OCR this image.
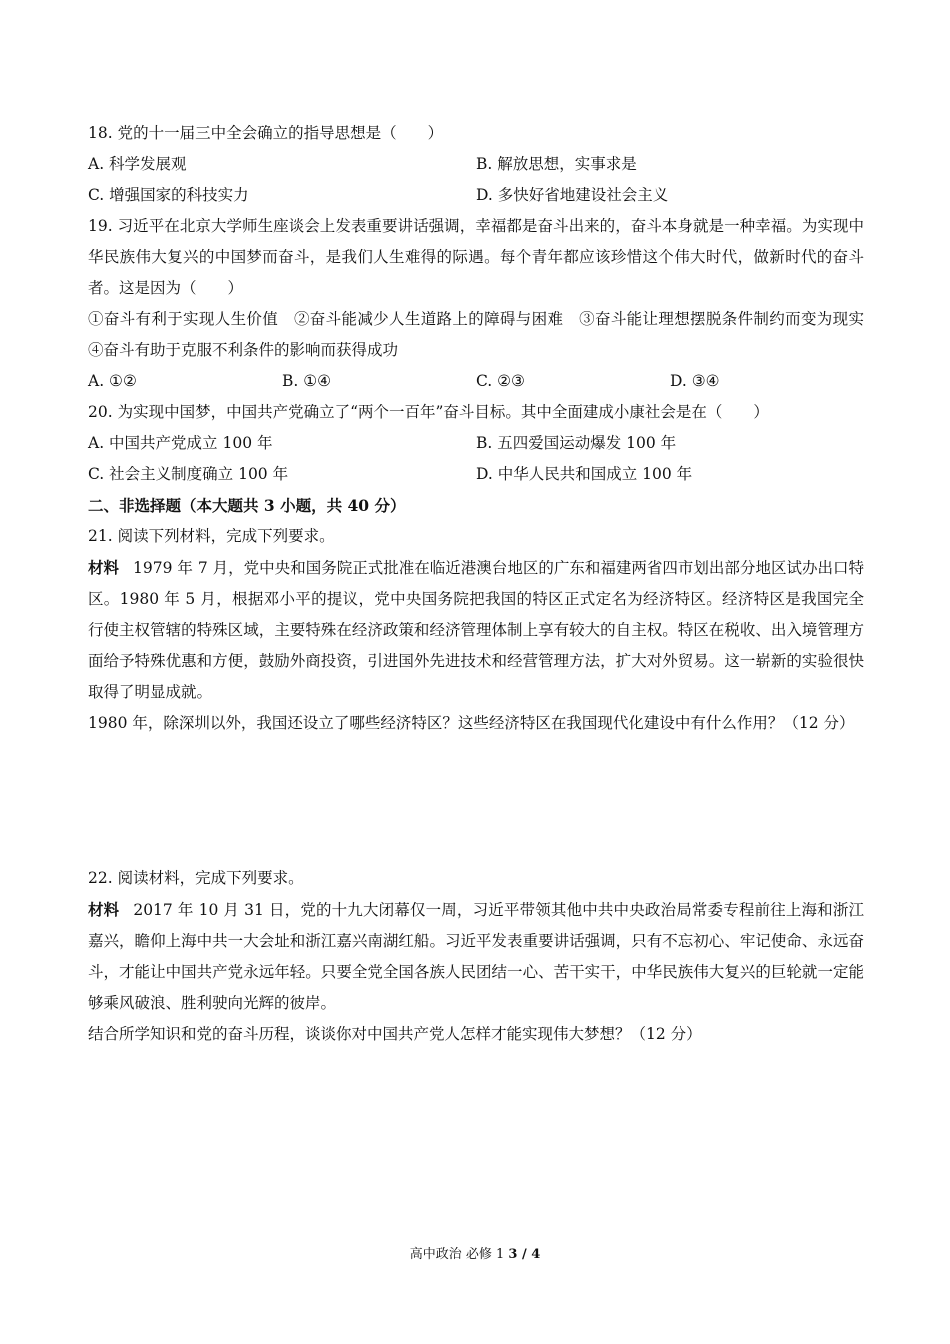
18. 党的十一届三中全会确立的指导思想是（　　）
A. 科学发展观	B. 解放思想，实事求是
C. 增强国家的科技实力	D. 多快好省地建设社会主义
19. 习近平在北京大学师生座谈会上发表重要讲话强调，幸福都是奋斗出来的，奋斗本身就是一种幸福。为实现中华民族伟大复兴的中国梦而奋斗，是我们人生难得的际遇。每个青年都应该珍惜这个伟大时代，做新时代的奋斗者。这是因为（　　）
①奋斗有利于实现人生价值　②奋斗能减少人生道路上的障碍与困难　③奋斗能让理想摆脱条件制约而变为现实　④奋斗有助于克服不利条件的影响而获得成功
A. ①②	B. ①④	C. ②③	D. ③④
20. 为实现中国梦，中国共产党确立了“两个一百年”奋斗目标。其中全面建成小康社会是在（　　）
A. 中国共产党成立 100 年	B. 五四爱国运动爆发 100 年
C. 社会主义制度确立 100 年	D. 中华人民共和国成立 100 年
二、非选择题（本大题共 3 小题，共 40 分）
21. 阅读下列材料，完成下列要求。
材料 1979 年 7 月，党中央和国务院正式批准在临近港澳台地区的广东和福建两省四市划出部分地区试办出口特区。1980 年 5 月，根据邓小平的提议，党中央国务院把我国的特区正式定名为经济特区。经济特区是我国完全行使主权管辖的特殊区域，主要特殊在经济政策和经济管理体制上享有较大的自主权。特区在税收、出入境管理方面给予特殊优惠和方便，鼓励外商投资，引进国外先进技术和经营管理方法，扩大对外贸易。这一崭新的实验很快取得了明显成就。
1980 年，除深圳以外，我国还设立了哪些经济特区？这些经济特区在我国现代化建设中有什么作用？（12 分）
22. 阅读材料，完成下列要求。
材料 2017 年 10 月 31 日，党的十九大闭幕仅一周，习近平带领其他中共中央政治局常委专程前往上海和浙江嘉兴，瞻仰上海中共一大会址和浙江嘉兴南湖红船。习近平发表重要讲话强调，只有不忘初心、牢记使命、永远奋斗，才能让中国共产党永远年轻。只要全党全国各族人民团结一心、苦干实干，中华民族伟大复兴的巨轮就一定能够乘风破浪、胜利驶向光辉的彼岸。
结合所学知识和党的奋斗历程，谈谈你对中国共产党人怎样才能实现伟大梦想？（12 分）
高中政治 必修 1 3 / 4
